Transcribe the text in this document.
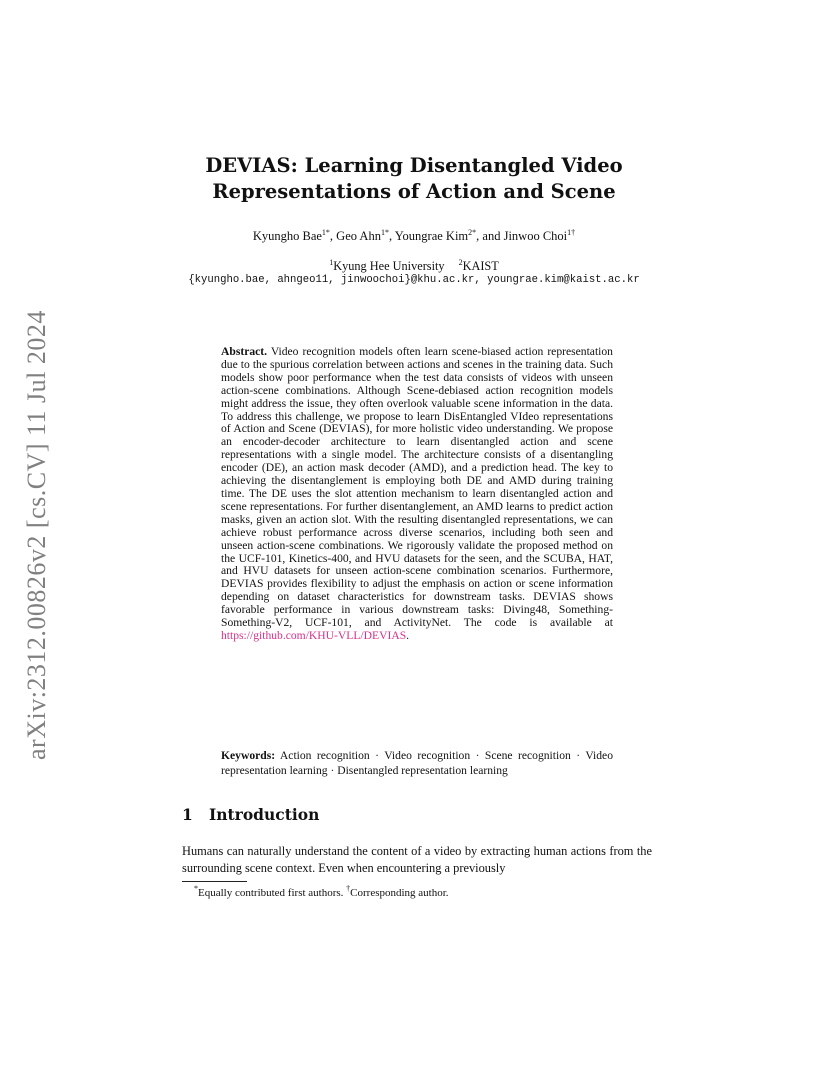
arXiv:2312.00826v2 [cs.CV] 11 Jul 2024
DEVIAS: Learning Disentangled Video
Representations of Action and Scene
Kyungho Bae$^{1*}$, Geo Ahn$^{1*}$, Youngrae Kim$^{2*}$, and Jinwoo Choi$^{1\dagger}$
$^1$Kyung Hee University $^2$KAIST
{kyungho.bae, ahngeo11, jinwoochoi}@khu.ac.kr, youngrae.kim@kaist.ac.kr
Abstract. Video recognition models often learn scene-biased action representation due to the spurious correlation between actions and scenes in the training data. Such models show poor performance when the test data consists of videos with unseen action-scene combinations. Although Scene-debiased action recognition models might address the issue, they often overlook valuable scene information in the data. To address this challenge, we propose to learn DisEntangled VIdeo representations of Action and Scene (DEVIAS), for more holistic video understanding. We propose an encoder-decoder architecture to learn disentangled action and scene representations with a single model. The architecture consists of a disentangling encoder (DE), an action mask decoder (AMD), and a prediction head. The key to achieving the disentanglement is employing both DE and AMD during training time. The DE uses the slot attention mechanism to learn disentangled action and scene representations. For further disentanglement, an AMD learns to predict action masks, given an action slot. With the resulting disentangled representations, we can achieve robust performance across diverse scenarios, including both seen and unseen action-scene combinations. We rigorously validate the proposed method on the UCF-101, Kinetics-400, and HVU datasets for the seen, and the SCUBA, HAT, and HVU datasets for unseen action-scene combination scenarios. Furthermore, DEVIAS provides flexibility to adjust the emphasis on action or scene information depending on dataset characteristics for downstream tasks. DEVIAS shows favorable performance in various downstream tasks: Diving48, Something-Something-V2, UCF-101, and ActivityNet. The code is available at https://github.com/KHU-VLL/DEVIAS.
Keywords: Action recognition · Video recognition · Scene recognition · Video representation learning · Disentangled representation learning
1 Introduction
Humans can naturally understand the content of a video by extracting human actions from the surrounding scene context. Even when encountering a previously
*Equally contributed first authors. †Corresponding author.
